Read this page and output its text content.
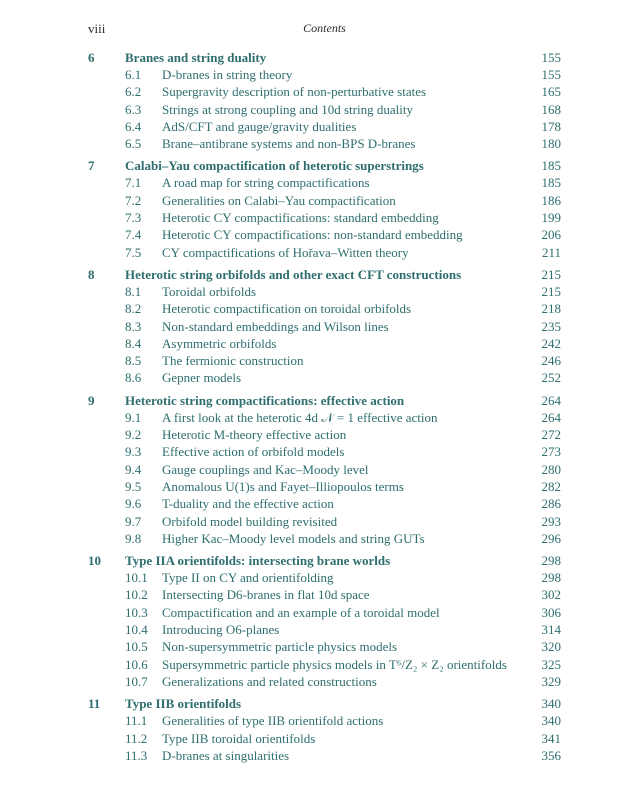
viii	Contents
6	Branes and string duality	155
6.1	D-branes in string theory	155
6.2	Supergravity description of non-perturbative states	165
6.3	Strings at strong coupling and 10d string duality	168
6.4	AdS/CFT and gauge/gravity dualities	178
6.5	Brane–antibrane systems and non-BPS D-branes	180
7	Calabi–Yau compactification of heterotic superstrings	185
7.1	A road map for string compactifications	185
7.2	Generalities on Calabi–Yau compactification	186
7.3	Heterotic CY compactifications: standard embedding	199
7.4	Heterotic CY compactifications: non-standard embedding	206
7.5	CY compactifications of Hořava–Witten theory	211
8	Heterotic string orbifolds and other exact CFT constructions	215
8.1	Toroidal orbifolds	215
8.2	Heterotic compactification on toroidal orbifolds	218
8.3	Non-standard embeddings and Wilson lines	235
8.4	Asymmetric orbifolds	242
8.5	The fermionic construction	246
8.6	Gepner models	252
9	Heterotic string compactifications: effective action	264
9.1	A first look at the heterotic 4d 𝒩 = 1 effective action	264
9.2	Heterotic M-theory effective action	272
9.3	Effective action of orbifold models	273
9.4	Gauge couplings and Kac–Moody level	280
9.5	Anomalous U(1)s and Fayet–Illiopoulos terms	282
9.6	T-duality and the effective action	286
9.7	Orbifold model building revisited	293
9.8	Higher Kac–Moody level models and string GUTs	296
10	Type IIA orientifolds: intersecting brane worlds	298
10.1	Type II on CY and orientifolding	298
10.2	Intersecting D6-branes in flat 10d space	302
10.3	Compactification and an example of a toroidal model	306
10.4	Introducing O6-planes	314
10.5	Non-supersymmetric particle physics models	320
10.6	Supersymmetric particle physics models in T⁶/Z₂ × Z₂ orientifolds	325
10.7	Generalizations and related constructions	329
11	Type IIB orientifolds	340
11.1	Generalities of type IIB orientifold actions	340
11.2	Type IIB toroidal orientifolds	341
11.3	D-branes at singularities	356
